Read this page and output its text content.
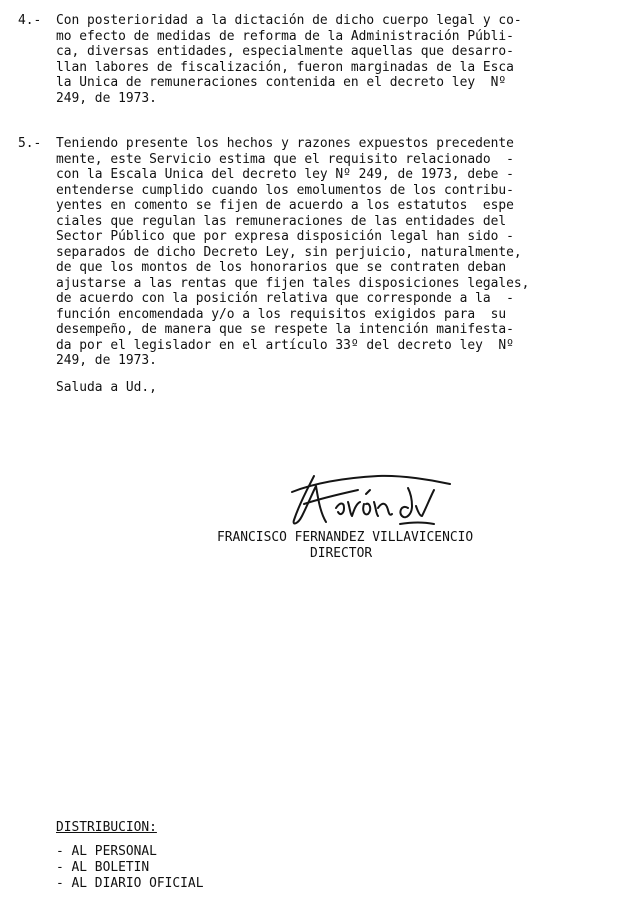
4.-	Con posterioridad a la dictación de dicho cuerpo legal y co-
mo efecto de medidas de reforma de la Administración Públi-
ca, diversas entidades, especialmente aquellas que desarro-
llan labores de fiscalización, fueron marginadas de la Esca
la Unica de remuneraciones contenida en el decreto ley  Nº
249, de 1973.
5.-	Teniendo presente los hechos y razones expuestos precedente
mente, este Servicio estima que el requisito relacionado  -
con la Escala Unica del decreto ley Nº 249, de 1973, debe -
entenderse cumplido cuando los emolumentos de los contribu-
yentes en comento se fijen de acuerdo a los estatutos  espe
ciales que regulan las remuneraciones de las entidades del
Sector Público que por expresa disposición legal han sido -
separados de dicho Decreto Ley, sin perjuicio, naturalmente,
de que los montos de los honorarios que se contraten deban
ajustarse a las rentas que fijen tales disposiciones legales,
de acuerdo con la posición relativa que corresponde a la  -
función encomendada y/o a los requisitos exigidos para  su
desempeño, de manera que se respete la intención manifesta-
da por el legislador en el artículo 33º del decreto ley  Nº
249, de 1973.
Saluda a Ud.,
FRANCISCO FERNANDEZ VILLAVICENCIO
DIRECTOR
DISTRIBUCION:
- AL PERSONAL
- AL BOLETIN
- AL DIARIO OFICIAL
